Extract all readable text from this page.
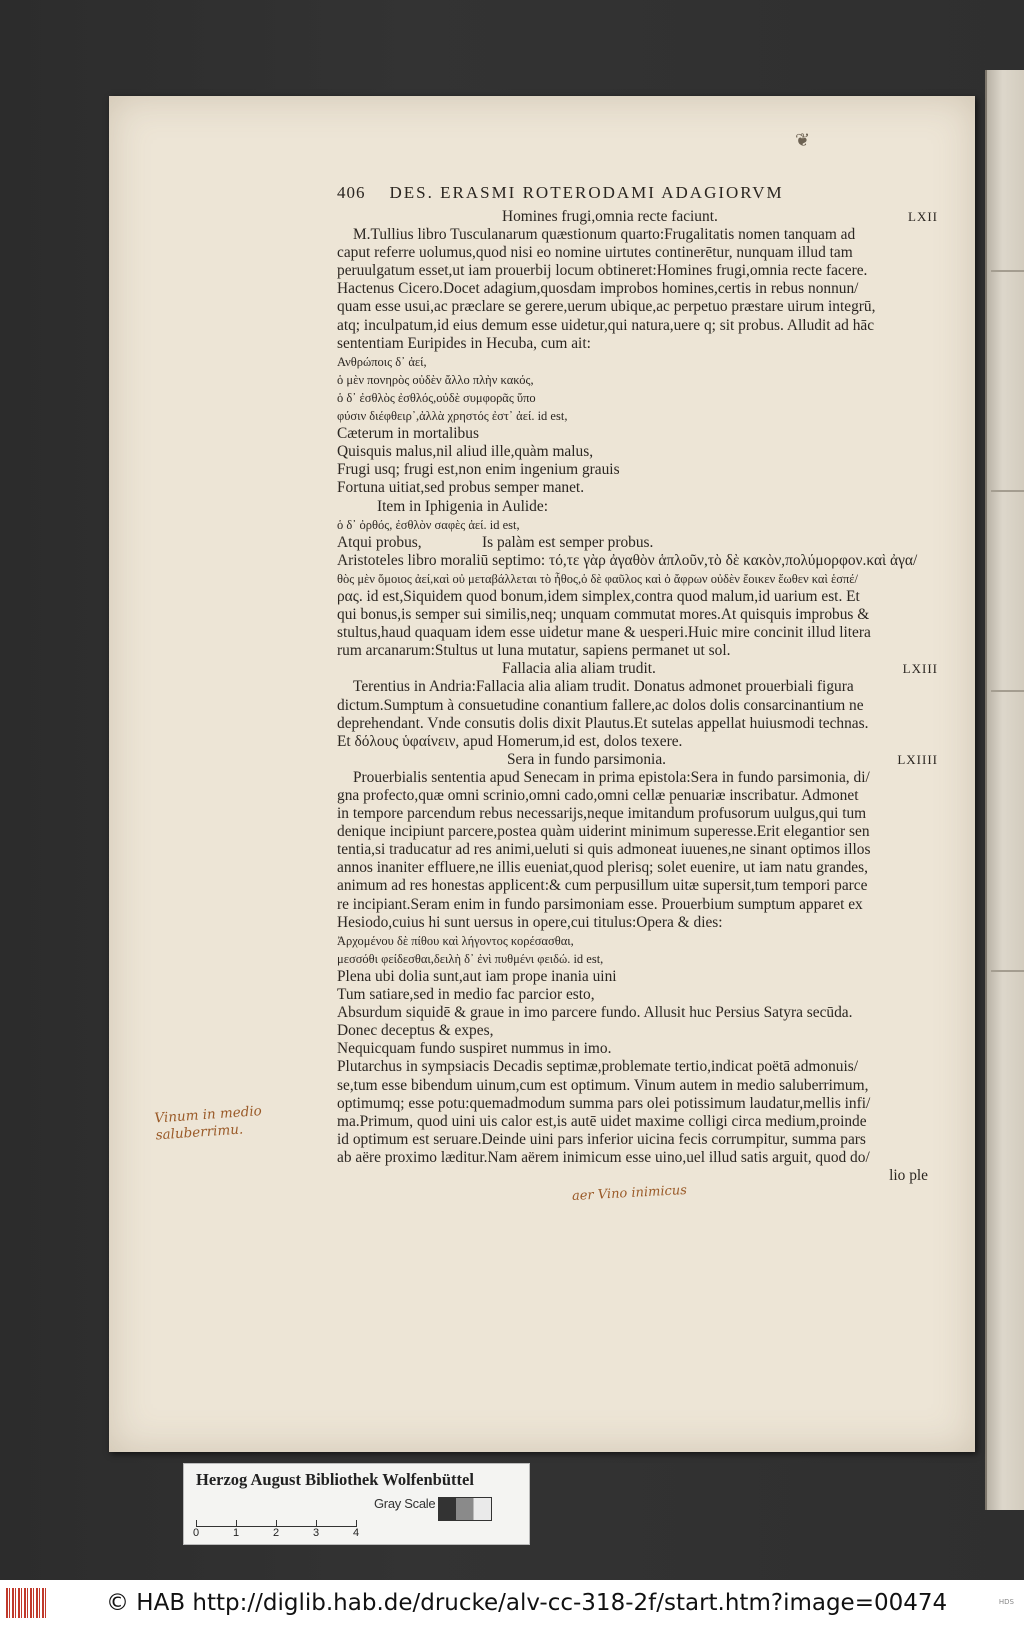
❦
406 DES. ERASMI ROTERODAMI ADAGIORVM
Homines frugi,omnia recte faciunt.	LXII
M.Tullius libro Tusculanarum quæstionum quarto:Frugalitatis nomen tanquam ad
caput referre uolumus,quod nisi eo nomine uirtutes continerētur, nunquam illud tam
peruulgatum esset,ut iam prouerbij locum obtineret:Homines frugi,omnia recte facere.
Hactenus Cicero.Docet adagium,quosdam improbos homines,certis in rebus nonnun/
quam esse usui,ac præclare se gerere,uerum ubique,ac perpetuo præstare uirum integrū,
atq; inculpatum,id eius demum esse uidetur,qui natura,uere q; sit probus. Alludit ad hāc
sententiam Euripides in Hecuba, cum ait:
Ανθρώποις δ᾽ ἀεί,
ὁ μὲν πονηρὸς οὐδὲν ἄλλο πλὴν κακός,
ὁ δ᾽ ἐσθλὸς ἐσθλός,οὐδὲ συμφορᾶς ὕπο
φύσιν διέφθειρ᾽,ἀλλὰ χρηστός ἐστ᾽ ἀεί. id est,
Cæterum in mortalibus
Quisquis malus,nil aliud ille,quàm malus,
Frugi usq; frugi est,non enim ingenium grauis
Fortuna uitiat,sed probus semper manet.
Item in Iphigenia in Aulide:
ὁ δ᾽ ὀρθός, ἐσθλὸν σαφὲς ἀεί. id est,
Atqui probus,	Is palàm est semper probus.
Aristoteles libro moraliū septimo: τό,τε γὰρ ἀγαθὸν ἁπλοῦν,τὸ δὲ κακὸν,πολύμορφον.καὶ ἀγα/
θὸς μὲν ὅμοιος ἀεί,καὶ οὐ μεταβάλλεται τὸ ἦθος,ὁ δὲ φαῦλος καὶ ὁ ἄφρων οὐδὲν ἔοικεν ἕωθεν καὶ ἑσπέ/
ρας. id est,Siquidem quod bonum,idem simplex,contra quod malum,id uarium est. Et
qui bonus,is semper sui similis,neq; unquam commutat mores.At quisquis improbus &
stultus,haud quaquam idem esse uidetur mane & uesperi.Huic mire concinit illud litera
rum arcanarum:Stultus ut luna mutatur, sapiens permanet ut sol.
Fallacia alia aliam trudit.	LXIII
Terentius in Andria:Fallacia alia aliam trudit. Donatus admonet prouerbiali figura
dictum.Sumptum à consuetudine conantium fallere,ac dolos dolis consarcinantium ne
deprehendant. Vnde consutis dolis dixit Plautus.Et sutelas appellat huiusmodi technas.
Et δόλους ὑφαίνειν, apud Homerum,id est, dolos texere.
Sera in fundo parsimonia.	LXIIII
Prouerbialis sententia apud Senecam in prima epistola:Sera in fundo parsimonia, di/
gna profecto,quæ omni scrinio,omni cado,omni cellæ penuariæ inscribatur. Admonet
in tempore parcendum rebus necessarijs,neque imitandum profusorum uulgus,qui tum
denique incipiunt parcere,postea quàm uiderint minimum superesse.Erit elegantior sen
tentia,si traducatur ad res animi,ueluti si quis admoneat iuuenes,ne sinant optimos illos
annos inaniter effluere,ne illis eueniat,quod plerisq; solet euenire, ut iam natu grandes,
animum ad res honestas applicent:& cum perpusillum uitæ supersit,tum tempori parce
re incipiant.Seram enim in fundo parsimoniam esse. Prouerbium sumptum apparet ex
Hesiodo,cuius hi sunt uersus in opere,cui titulus:Opera & dies:
Ἀρχομένου δὲ πίθου καὶ λήγοντος κορέσασθαι,
μεσσόθι φείδεσθαι,δειλὴ δ᾽ ἐνὶ πυθμένι φειδώ. id est,
Plena ubi dolia sunt,aut iam prope inania uini
Tum satiare,sed in medio fac parcior esto,
Absurdum siquidē & graue in imo parcere fundo. Allusit huc Persius Satyra secūda.
Donec deceptus & expes,
Nequicquam fundo suspiret nummus in imo.
Plutarchus in sympsiacis Decadis septimæ,problemate tertio,indicat poëtā admonuis/
se,tum esse bibendum uinum,cum est optimum. Vinum autem in medio saluberrimum,
optimumq; esse potu:quemadmodum summa pars olei potissimum laudatur,mellis infi/
ma.Primum, quod uini uis calor est,is autē uidet maxime colligi circa medium,proinde
id optimum est seruare.Deinde uini pars inferior uicina fecis corrumpitur, summa pars
ab aëre proximo læditur.Nam aërem inimicum esse uino,uel illud satis arguit, quod do/
lio ple
Vinum in medio saluberrimu.
aer Vino inimicus
Herzog August Bibliothek Wolfenbüttel
Gray Scale
0	1	2	3	4
© HAB http://diglib.hab.de/drucke/alv-cc-318-2f/start.htm?image=00474	HDS
